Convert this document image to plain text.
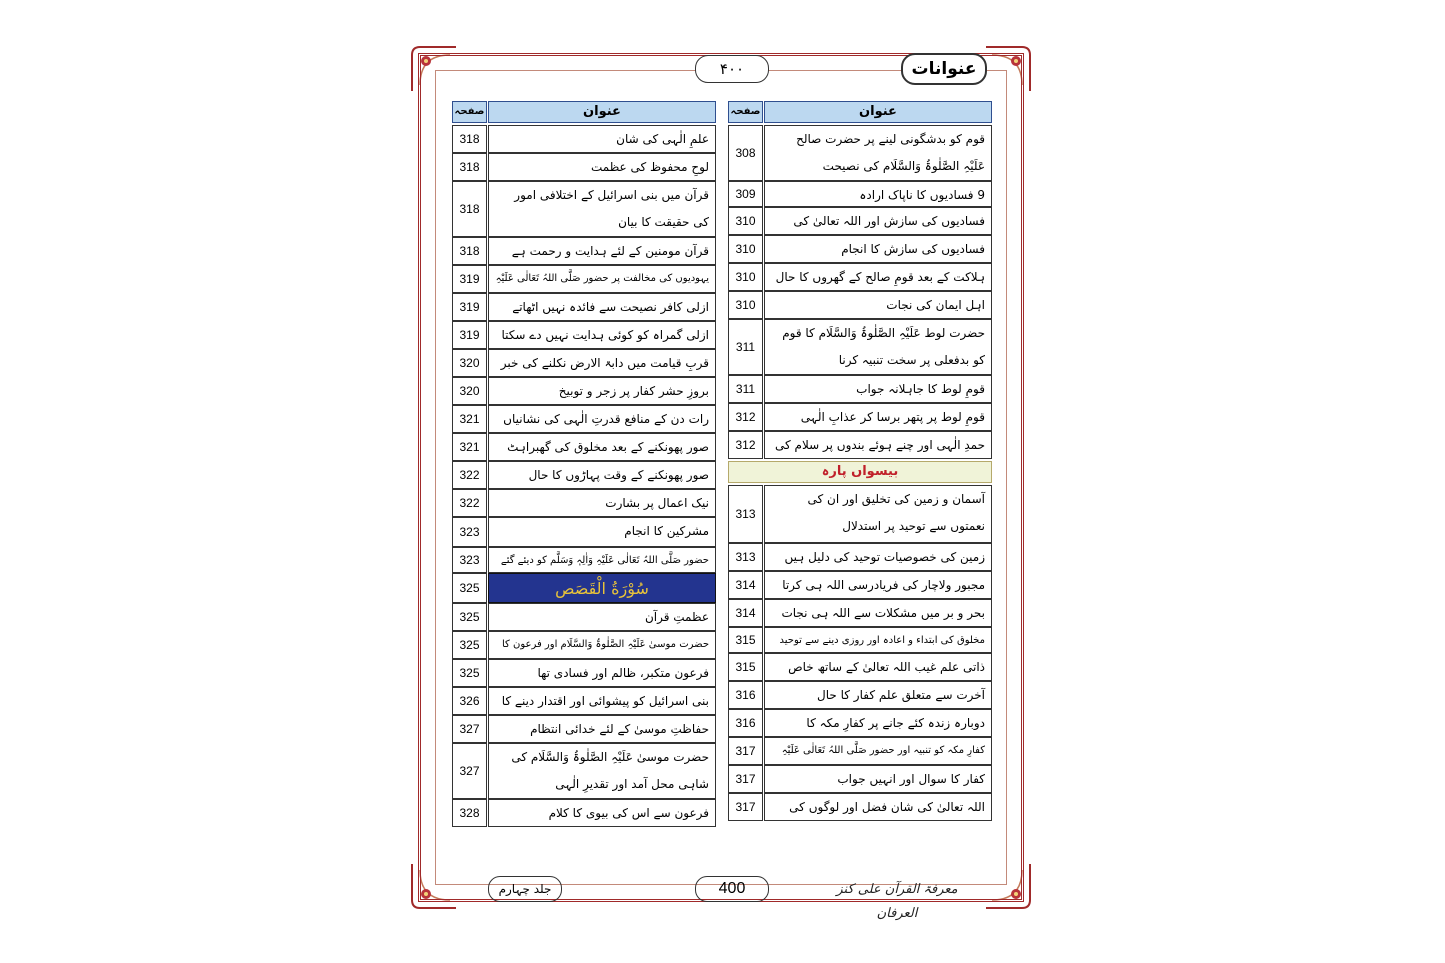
عنوانات
۴۰۰
عنوان
صفحہ
قوم کو بدشگونی لینے پر حضرت صالح عَلَیْہِ الصَّلٰوۃُ وَالسَّلَام کی نصیحت
308
9 فسادیوں کا ناپاک ارادہ
309
فسادیوں کی سازش اور اللہ تعالیٰ کی
310
فسادیوں کی سازش کا انجام
310
ہلاکت کے بعد قومِ صالح کے گھروں کا حال
310
اہل ایمان کی نجات
310
حضرت لوط عَلَیْہِ الصَّلٰوۃُ وَالسَّلَام کا قوم کو بدفعلی پر سخت تنبیہ کرنا
311
قومِ لوط کا جاہلانہ جواب
311
قومِ لوط پر پتھر برسا کر عذابِ الٰہی
312
حمدِ الٰہی اور چنے ہوئے بندوں پر سلام کی
312
بیسواں پارہ
آسمان و زمین کی تخلیق اور ان کی نعمتوں سے توحید پر استدلال
313
زمین کی خصوصیات توحید کی دلیل ہیں
313
مجبور ولاچار کی فریادرسی اللہ ہی کرتا
314
بحر و بر میں مشکلات سے اللہ ہی نجات
314
مخلوق کی ابتداء و اعادہ اور روزی دینے سے توحید
315
ذاتی علم غیب اللہ تعالیٰ کے ساتھ خاص
315
آخرت سے متعلق علم کفار کا حال
316
دوبارہ زندہ کئے جانے پر کفارِ مکہ کا
316
کفارِ مکہ کو تنبیہ اور حضور صَلَّی اللہُ تَعَالٰی عَلَیْہِ
317
کفار کا سوال اور انہیں جواب
317
اللہ تعالیٰ کی شان فضل اور لوگوں کی
317
عنوان
صفحہ
علمِ الٰہی کی شان
318
لوحِ محفوظ کی عظمت
318
قرآن میں بنی اسرائیل کے اختلافی امور کی حقیقت کا بیان
318
قرآن مومنین کے لئے ہدایت و رحمت ہے
318
یہودیوں کی مخالفت پر حضور صَلَّی اللہُ تَعَالٰی عَلَیْہِ
319
ازلی کافر نصیحت سے فائدہ نہیں اٹھاتے
319
ازلی گمراہ کو کوئی ہدایت نہیں دے سکتا
319
قربِ قیامت میں دابۃ الارض نکلنے کی خبر
320
بروزِ حشر کفار پر زجر و توبیخ
320
رات دن کے منافع قدرتِ الٰہی کی نشانیاں
321
صور پھونکنے کے بعد مخلوق کی گھبراہٹ
321
صور پھونکنے کے وقت پہاڑوں کا حال
322
نیک اعمال پر بشارت
322
مشرکین کا انجام
323
حضور صَلَّی اللہُ تَعَالٰی عَلَیْہِ وَاٰلِہٖ وَسَلَّم کو دیئے گئے
323
سُوْرَةُ الْقَصَص
325
عظمتِ قرآن
325
حضرت موسیٰ عَلَیْہِ الصَّلٰوۃُ وَالسَّلَام اور فرعون کا
325
فرعون متکبر، ظالم اور فسادی تھا
325
بنی اسرائیل کو پیشوائی اور اقتدار دینے کا
326
حفاظتِ موسیٰ کے لئے خدائی انتظام
327
حضرت موسیٰ عَلَیْہِ الصَّلٰوۃُ وَالسَّلَام کی شاہی محل آمد اور تقدیرِ الٰہی
327
فرعون سے اس کی بیوی کا کلام
328
جلد چہارم	400	معرفۃ القرآن علی کنز العرفان
